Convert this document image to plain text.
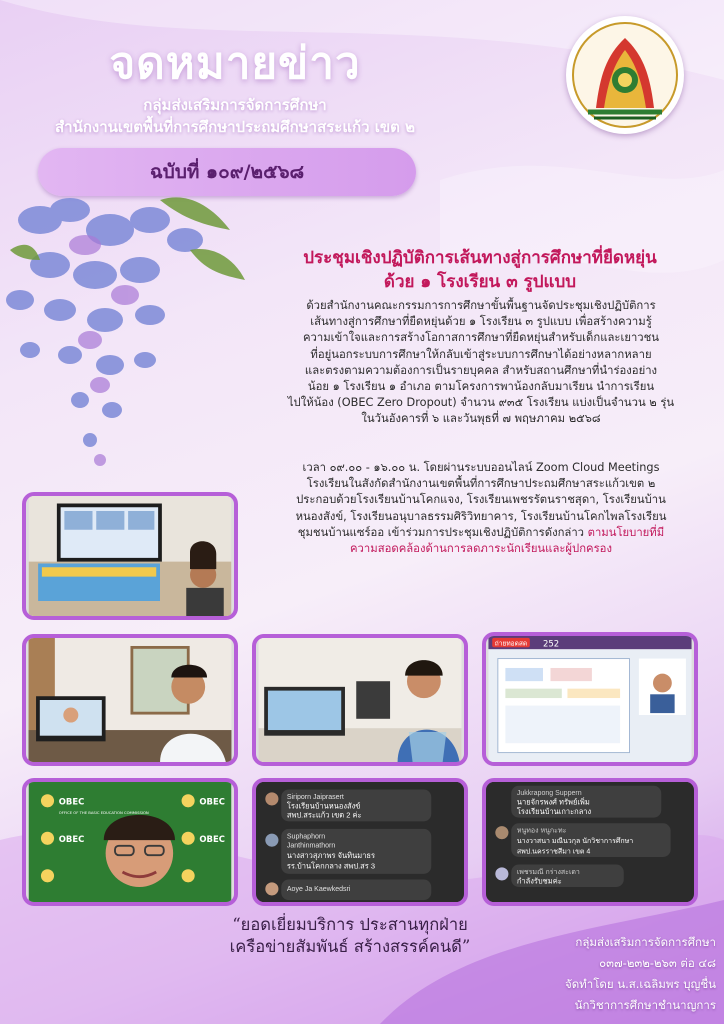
จดหมายข่าว
กลุ่มส่งเสริมการจัดการศึกษา
สำนักงานเขตพื้นที่การศึกษาประถมศึกษาสระแก้ว เขต ๒
ฉบับที่ ๑๐๙/๒๕๖๘
ประชุมเชิงปฏิบัติการเส้นทางสู่การศึกษาที่ยืดหยุ่น
ด้วย ๑ โรงเรียน ๓ รูปแบบ
ด้วยสำนักงานคณะกรรมการการศึกษาขั้นพื้นฐานจัดประชุมเชิงปฏิบัติการ
เส้นทางสู่การศึกษาที่ยืดหยุ่นด้วย ๑ โรงเรียน ๓ รูปแบบ เพื่อสร้างความรู้
ความเข้าใจและการสร้างโอกาสการศึกษาที่ยืดหยุ่นสำหรับเด็กและเยาวชน
ที่อยู่นอกระบบการศึกษาให้กลับเข้าสู่ระบบการศึกษาได้อย่างหลากหลาย
และตรงตามความต้องการเป็นรายบุคคล สำหรับสถานศึกษาที่นำร่องอย่าง
น้อย ๑ โรงเรียน ๑ อำเภอ ตามโครงการพาน้องกลับมาเรียน นำการเรียน
ไปให้น้อง (OBEC Zero Dropout) จำนวน ๙๓๕ โรงเรียน แบ่งเป็นจำนวน ๒ รุ่น
ในวันอังคารที่ ๖ และวันพุธที่ ๗ พฤษภาคม ๒๕๖๘
เวลา ๐๙.๐๐ - ๑๖.๐๐ น. โดยผ่านระบบออนไลน์ Zoom Cloud Meetings
โรงเรียนในสังกัดสำนักงานเขตพื้นที่การศึกษาประถมศึกษาสระแก้วเขต ๒
ประกอบด้วยโรงเรียนบ้านโคกแจง, โรงเรียนเพชรรัตนราชสุดา, โรงเรียนบ้าน
หนองสังข์, โรงเรียนอนุบาลธรรมศิริวิทยาคาร, โรงเรียนบ้านโคกไพลโรงเรียน
ชุมชนบ้านแซร์ออ เข้าร่วมการประชุมเชิงปฏิบัติการดังกล่าว ตามนโยบายที่มี
ความสอดคล้องด้านการลดภาระนักเรียนและผู้ปกครอง
ถ่ายทอดสด 252
OBEC
OBEC
OBEC
OBEC
OFFICE OF THE BASIC EDUCATION COMMISSION
Siriporn Jaiprasert
โรงเรียนบ้านหนองสังข์
สพป.สระแก้ว เขต 2 ค่ะ
Suphaphorn
Janthinmathorn
นางสาวสุภาพร จันทินมาธร
รร.บ้านโคกกลาง สพป.สร 3
Aoye Ja Kaewkedsri
Jukkrapong Suppern
นายจักรพงศ์ ทรัพย์เพิ่ม
โรงเรียนบ้านเกาะกลาง
หนูทอง หนูกะทะ
นางวาสนา มณีนวกุล นักวิชาการศึกษา
สพป.นครราชสีมา เขต 4
เพชรมณี กร่างสะเดา
กำลังรับชมค่ะ
“ยอดเยี่ยมบริการ ประสานทุกฝ่าย
เครือข่ายสัมพันธ์ สร้างสรรค์คนดี”	กลุ่มส่งเสริมการจัดการศึกษา
๐๓๗-๒๓๒-๒๖๓ ต่อ ๔๘
จัดทำโดย น.ส.เฉลิมพร บุญชื่น
นักวิชาการศึกษาชำนาญการ
